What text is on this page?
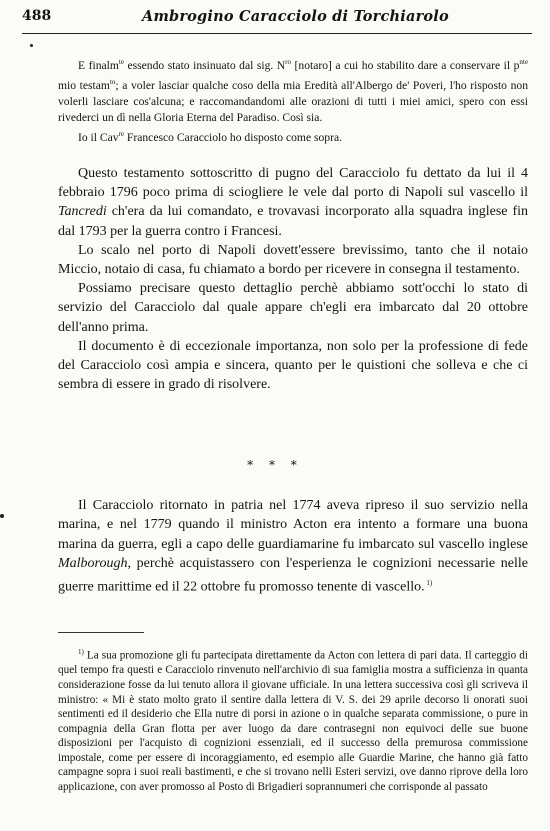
488	Ambrogino Caracciolo di Torchiarolo

E finalm$^{te}$ essendo stato insinuato dal sig. $N^{ro}$ [notaro] a cui ho stabilito dare a conservare il $p^{nte}$ mio testam$^{to}$; a voler lasciar qualche coso della mia Eredità all'Albergo de' Poveri, l'ho risposto non volerli lasciare cos'alcuna; e raccomandandomi alle orazioni di tutti i miei amici, spero con essi rivederci un dì nella Gloria Eterna del Paradiso. Così sia.

Io il Cav$^{re}$ Francesco Caracciolo ho disposto come sopra.

Questo testamento sottoscritto di pugno del Caracciolo fu dettato da lui il 4 febbraio 1796 poco prima di sciogliere le vele dal porto di Napoli sul vascello il Tancredi ch'era da lui comandato, e trovavasi incorporato alla squadra inglese fin dal 1793 per la guerra contro i Francesi.

Lo scalo nel porto di Napoli dovett'essere brevissimo, tanto che il notaio Miccio, notaio di casa, fu chiamato a bordo per ricevere in consegna il testamento.

Possiamo precisare questo dettaglio perchè abbiamo sott'occhi lo stato di servizio del Caracciolo dal quale appare ch'egli era imbarcato dal 20 ottobre dell'anno prima.

Il documento è di eccezionale importanza, non solo per la professione di fede del Caracciolo così ampia e sincera, quanto per le quistioni che solleva e che ci sembra di essere in grado di risolvere.

* * *

Il Caracciolo ritornato in patria nel 1774 aveva ripreso il suo servizio nella marina, e nel 1779 quando il ministro Acton era intento a formare una buona marina da guerra, egli a capo delle guardiamarine fu imbarcato sul vascello inglese Malborough, perchè acquistassero con l'esperienza le cognizioni necessarie nelle guerre marittime ed il 22 ottobre fu promosso tenente di vascello. $^{1)}$

$^{1)}$ La sua promozione gli fu partecipata direttamente da Acton con lettera di pari data. Il carteggio di quel tempo fra questi e Caracciolo rinvenuto nell'archivio di sua famiglia mostra a sufficienza in quanta considerazione fosse da lui tenuto allora il giovane ufficiale. In una lettera successiva così gli scriveva il ministro: « Mi è stato molto grato il sentire dalla lettera di V. S. dei 29 aprile decorso li onorati suoi sentimenti ed il desiderio che Ella nutre di porsi in azione o in qualche separata commissione, o pure in compagnia della Gran flotta per aver luogo da dare contrasegni non equivoci delle sue buone disposizioni per l'acquisto di cognizioni essenziali, ed il successo della premurosa commissione impostale, come per essere di incoraggiamento, ed esempio alle Guardie Marine, che hanno già fatto campagne sopra i suoi reali bastimenti, e che si trovano nelli Esteri servizi, ove danno riprove della loro applicazione, con aver promosso al Posto di Brigadieri soprannumeri che corrisponde al passato
